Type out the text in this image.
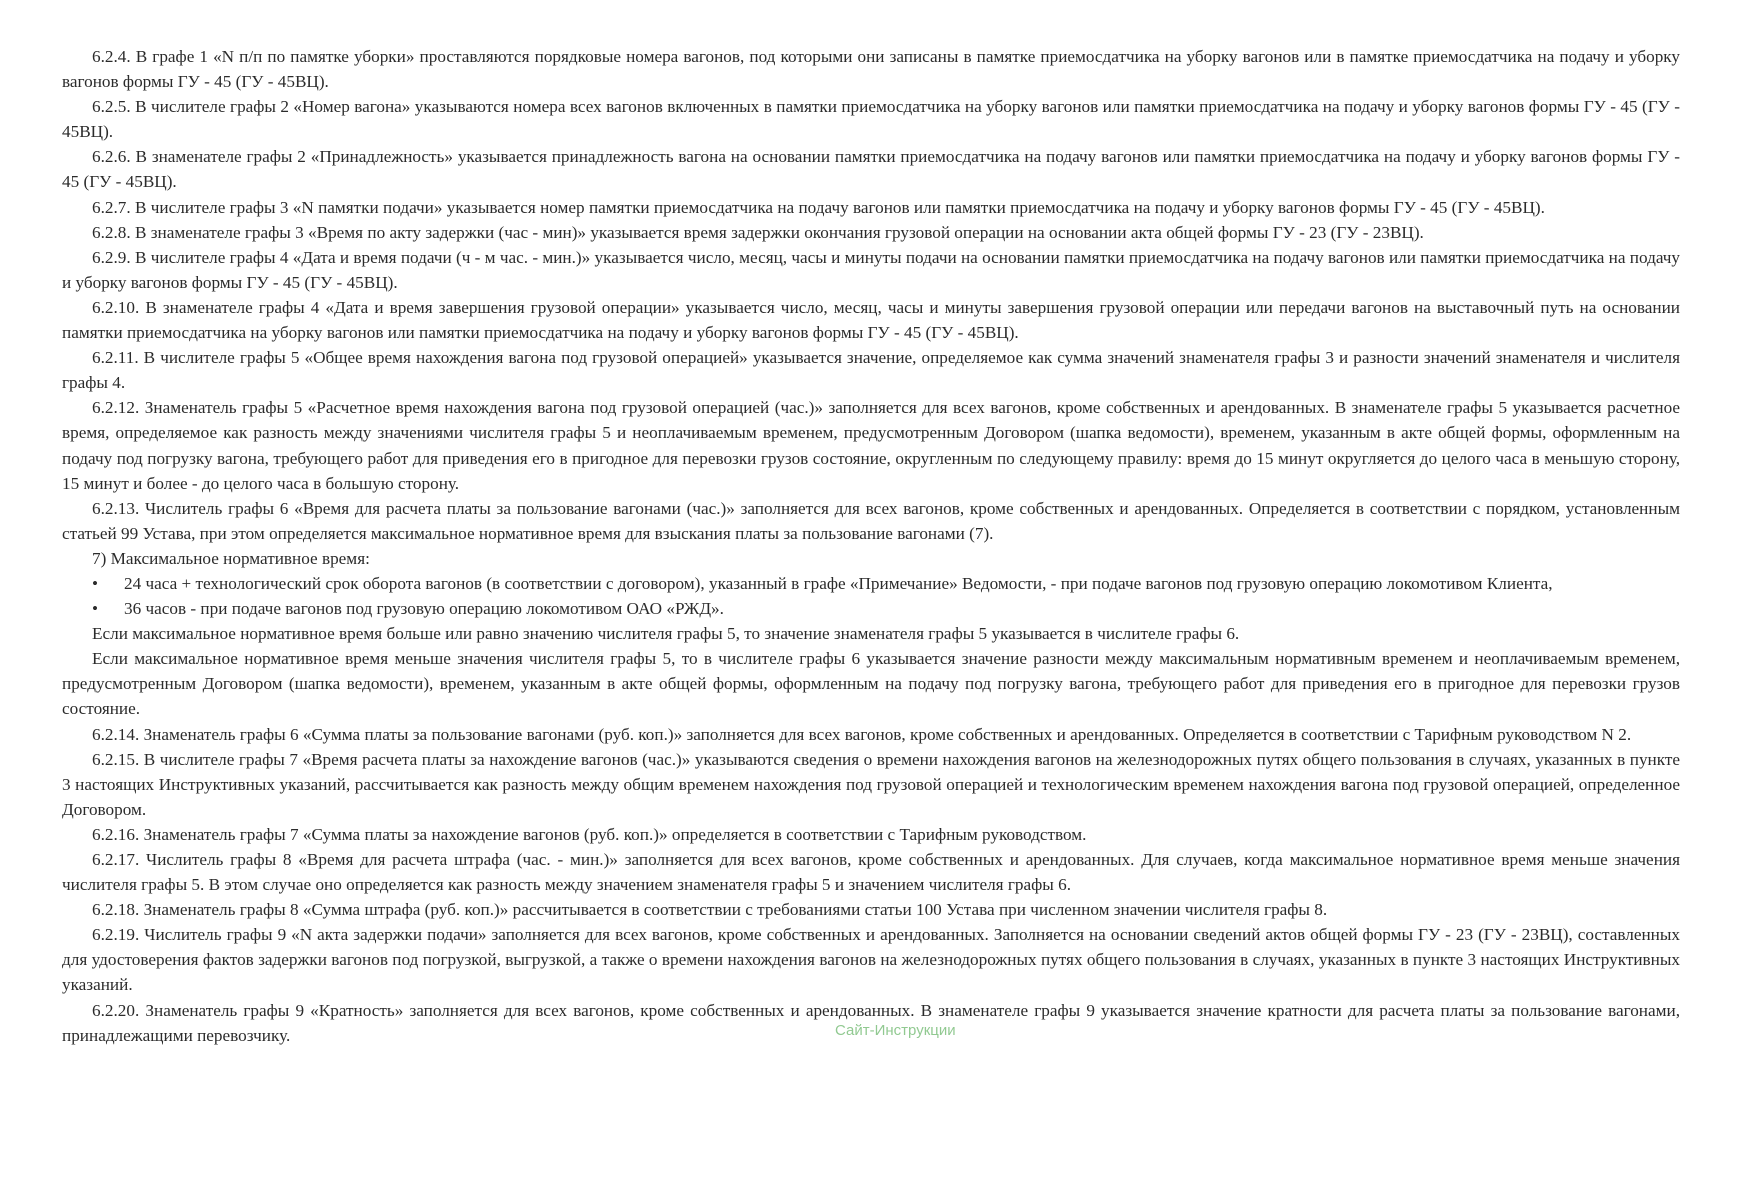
6.2.4. В графе 1 «N п/п по памятке уборки» проставляются порядковые номера вагонов, под которыми они записаны в памятке приемосдатчика на уборку вагонов или в памятке приемосдатчика на подачу и уборку вагонов формы ГУ - 45 (ГУ - 45ВЦ).

6.2.5. В числителе графы 2 «Номер вагона» указываются номера всех вагонов включенных в памятки приемосдатчика на уборку вагонов или памятки приемосдатчика на подачу и уборку вагонов формы ГУ - 45 (ГУ - 45ВЦ).

6.2.6. В знаменателе графы 2 «Принадлежность» указывается принадлежность вагона на основании памятки приемосдатчика на подачу вагонов или памятки приемосдатчика на подачу и уборку вагонов формы ГУ - 45 (ГУ - 45ВЦ).

6.2.7. В числителе графы 3 «N памятки подачи» указывается номер памятки приемосдатчика на подачу вагонов или памятки приемосдатчика на подачу и уборку вагонов формы ГУ - 45 (ГУ - 45ВЦ).

6.2.8. В знаменателе графы 3 «Время по акту задержки (час - мин)» указывается время задержки окончания грузовой операции на основании акта общей формы ГУ - 23 (ГУ - 23ВЦ).

6.2.9. В числителе графы 4 «Дата и время подачи (ч - м час. - мин.)» указывается число, месяц, часы и минуты подачи на основании памятки приемосдатчика на подачу вагонов или памятки приемосдатчика на подачу и уборку вагонов формы ГУ - 45 (ГУ - 45ВЦ).

6.2.10. В знаменателе графы 4 «Дата и время завершения грузовой операции» указывается число, месяц, часы и минуты завершения грузовой операции или передачи вагонов на выставочный путь на основании памятки приемосдатчика на уборку вагонов или памятки приемосдатчика на подачу и уборку вагонов формы ГУ - 45 (ГУ - 45ВЦ).

6.2.11. В числителе графы 5 «Общее время нахождения вагона под грузовой операцией» указывается значение, определяемое как сумма значений знаменателя графы 3 и разности значений знаменателя и числителя графы 4.

6.2.12. Знаменатель графы 5 «Расчетное время нахождения вагона под грузовой операцией (час.)» заполняется для всех вагонов, кроме собственных и арендованных. В знаменателе графы 5 указывается расчетное время, определяемое как разность между значениями числителя графы 5 и неоплачиваемым временем, предусмотренным Договором (шапка ведомости), временем, указанным в акте общей формы, оформленным на подачу под погрузку вагона, требующего работ для приведения его в пригодное для перевозки грузов состояние, округленным по следующему правилу: время до 15 минут округляется до целого часа в меньшую сторону, 15 минут и более - до целого часа в большую сторону.

6.2.13. Числитель графы 6 «Время для расчета платы за пользование вагонами (час.)» заполняется для всех вагонов, кроме собственных и арендованных. Определяется в соответствии с порядком, установленным статьей 99 Устава, при этом определяется максимальное нормативное время для взыскания платы за пользование вагонами (7).

7) Максимальное нормативное время:

• 24 часа + технологический срок оборота вагонов (в соответствии с договором), указанный в графе «Примечание» Ведомости, - при подаче вагонов под грузовую операцию локомотивом Клиента,
• 36 часов - при подаче вагонов под грузовую операцию локомотивом ОАО «РЖД».

Если максимальное нормативное время больше или равно значению числителя графы 5, то значение знаменателя графы 5 указывается в числителе графы 6.

Если максимальное нормативное время меньше значения числителя графы 5, то в числителе графы 6 указывается значение разности между максимальным нормативным временем и неоплачиваемым временем, предусмотренным Договором (шапка ведомости), временем, указанным в акте общей формы, оформленным на подачу под погрузку вагона, требующего работ для приведения его в пригодное для перевозки грузов состояние.

6.2.14. Знаменатель графы 6 «Сумма платы за пользование вагонами (руб. коп.)» заполняется для всех вагонов, кроме собственных и арендованных. Определяется в соответствии с Тарифным руководством N 2.

6.2.15. В числителе графы 7 «Время расчета платы за нахождение вагонов (час.)» указываются сведения о времени нахождения вагонов на железнодорожных путях общего пользования в случаях, указанных в пункте 3 настоящих Инструктивных указаний, рассчитывается как разность между общим временем нахождения под грузовой операцией и технологическим временем нахождения вагона под грузовой операцией, определенное Договором.

6.2.16. Знаменатель графы 7 «Сумма платы за нахождение вагонов (руб. коп.)» определяется в соответствии с Тарифным руководством.

6.2.17. Числитель графы 8 «Время для расчета штрафа (час. - мин.)» заполняется для всех вагонов, кроме собственных и арендованных. Для случаев, когда максимальное нормативное время меньше значения числителя графы 5. В этом случае оно определяется как разность между значением знаменателя графы 5 и значением числителя графы 6.

6.2.18. Знаменатель графы 8 «Сумма штрафа (руб. коп.)» рассчитывается в соответствии с требованиями статьи 100 Устава при численном значении числителя графы 8.

6.2.19. Числитель графы 9 «N акта задержки подачи» заполняется для всех вагонов, кроме собственных и арендованных. Заполняется на основании сведений актов общей формы ГУ - 23 (ГУ - 23ВЦ), составленных для удостоверения фактов задержки вагонов под погрузкой, выгрузкой, а также о времени нахождения вагонов на железнодорожных путях общего пользования в случаях, указанных в пункте 3 настоящих Инструктивных указаний.

6.2.20. Знаменатель графы 9 «Кратность» заполняется для всех вагонов, кроме собственных и арендованных. В знаменателе графы 9 указывается значение кратности для расчета платы за пользование вагонами, принадлежащими перевозчику.	Сайт-Инструкции
